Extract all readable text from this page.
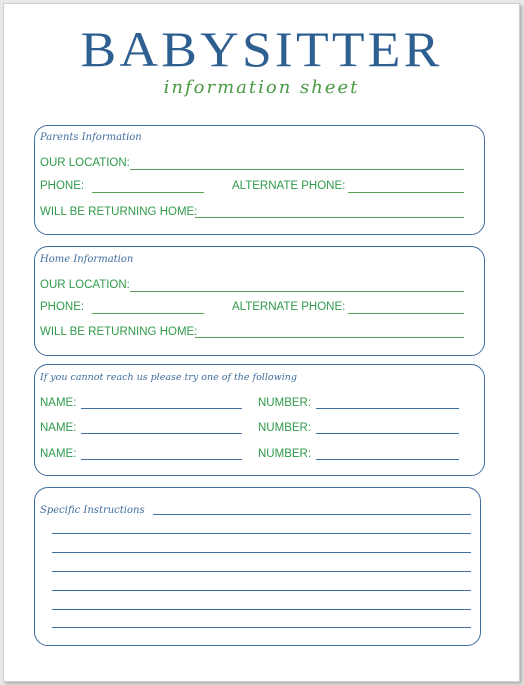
BABYSITTER
information sheet
Parents Information
OUR LOCATION:
PHONE:	ALTERNATE PHONE:
WILL BE RETURNING HOME:
Home Information
OUR LOCATION:
PHONE:	ALTERNATE PHONE:
WILL BE RETURNING HOME:
If you cannot reach us please try one of the following
NAME:	NUMBER:
NAME:	NUMBER:
NAME:	NUMBER:
Specific Instructions
